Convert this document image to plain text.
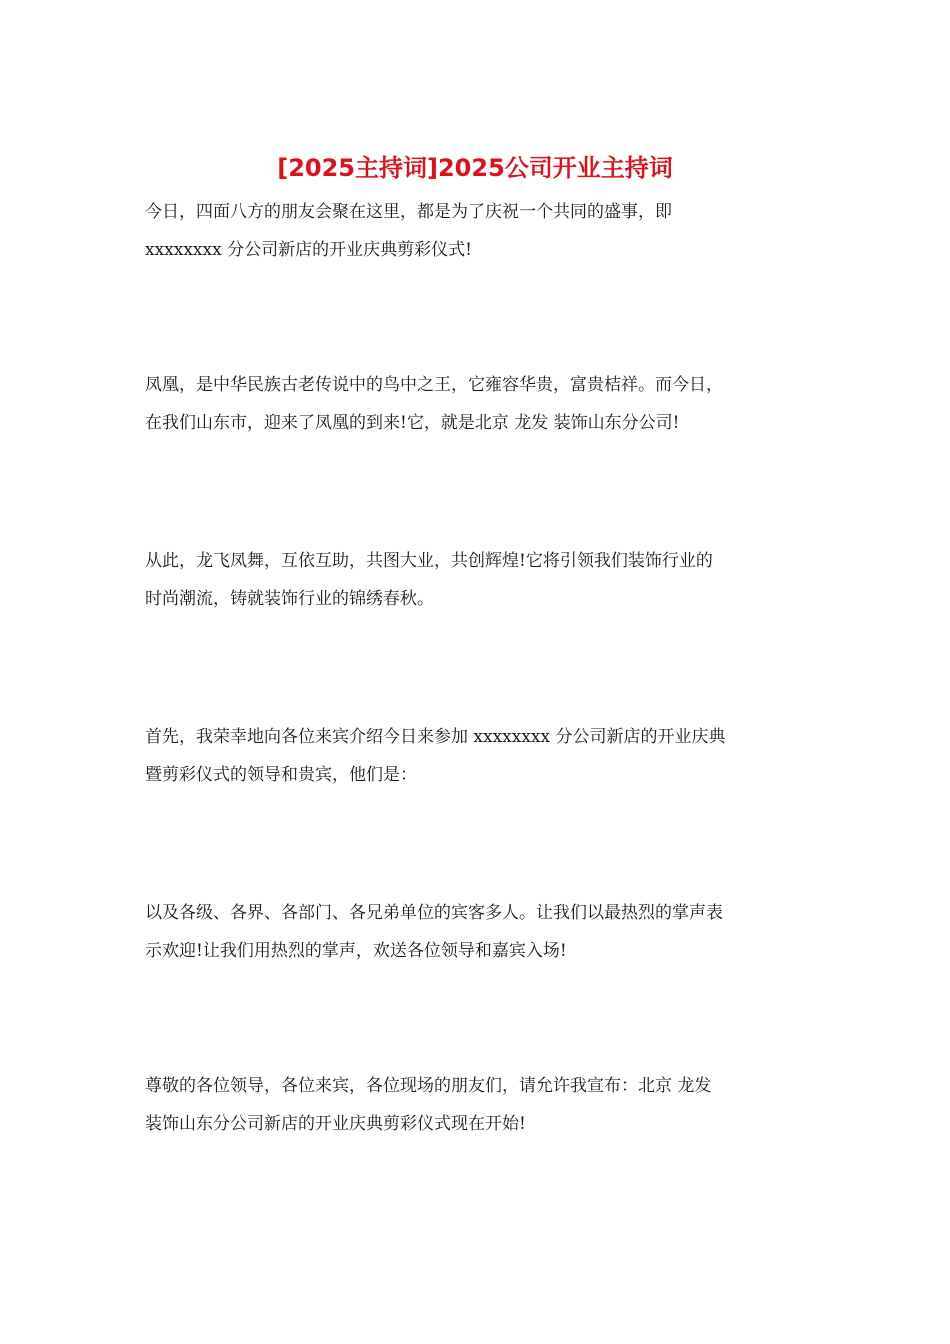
[2025主持词]2025公司开业主持词

今日，四面八方的朋友会聚在这里，都是为了庆祝一个共同的盛事，即
xxxxxxxx 分公司新店的开业庆典剪彩仪式!

凤凰，是中华民族古老传说中的鸟中之王，它雍容华贵，富贵桔祥。而今日，
在我们山东市，迎来了凤凰的到来!它，就是北京 龙发 装饰山东分公司!

从此，龙飞凤舞，互依互助，共图大业，共创辉煌!它将引领我们装饰行业的
时尚潮流，铸就装饰行业的锦绣春秋。

首先，我荣幸地向各位来宾介绍今日来参加 xxxxxxxx 分公司新店的开业庆典
暨剪彩仪式的领导和贵宾，他们是：

以及各级、各界、各部门、各兄弟单位的宾客多人。让我们以最热烈的掌声表
示欢迎!让我们用热烈的掌声，欢送各位领导和嘉宾入场!

尊敬的各位领导，各位来宾，各位现场的朋友们，请允许我宣布：北京 龙发
装饰山东分公司新店的开业庆典剪彩仪式现在开始!
